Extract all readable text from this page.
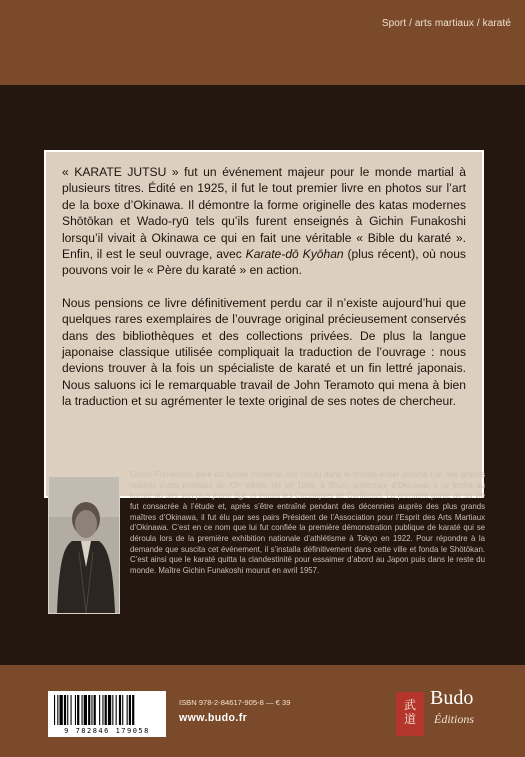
Sport / arts martiaux / karaté

« KARATE JUTSU » fut un événement majeur pour le monde martial à plusieurs titres. Édité en 1925, il fut le tout premier livre en photos sur l’art de la boxe d’Okinawa. Il démontre la forme originelle des katas modernes Shōtōkan et Wado-ryū tels qu’ils furent enseignés à Gichin Funakoshi lorsqu’il vivait à Okinawa ce qui en fait une véritable « Bible du karaté ». Enfin, il est le seul ouvrage, avec Karate-dō Kyōhan (plus récent), où nous pouvons voir le « Père du karaté » en action.

Nous pensions ce livre définitivement perdu car il n’existe aujourd’hui que quelques rares exemplaires de l’ouvrage original précieusement conservés dans des bibliothèques et des collections privées. De plus la langue japonaise classique utilisée compliquait la traduction de l’ouvrage : nous devions trouver à la fois un spécialiste de karaté et un fin lettré japonais. Nous saluons ici le remarquable travail de John Teramoto qui mena à bien la traduction et su agrémenter le texte original de ses notes de chercheur.

Gichin Funakoshi, père du karaté moderne, est connu dans le monde entier comme l’un des grands maîtres d’arts martiaux du XXᵉ siècle. Né en 1868, à Shuri, préfecture d’Okinawa, il se forma au karate-dō dès son plus jeune âge et étudia les Classiques de Confucius. La première partie de sa vie fut consacrée à l’étude et, après s’être entraîné pendant des décennies auprès des plus grands maîtres d’Okinawa, il fut élu par ses pairs Président de l’Association pour l’Esprit des Arts Martiaux d’Okinawa. C’est en ce nom que lui fut confiée la première démonstration publique de karaté qui se déroula lors de la première exhibition nationale d’athlétisme à Tokyo en 1922. Pour répondre à la demande que suscita cet événement, il s’installa définitivement dans cette ville et fonda le Shōtōkan. C’est ainsi que le karaté quitta la clandestinité pour essaimer d’abord au Japon puis dans le reste du monde. Maître Gichin Funakoshi mourut en avril 1957.
9 782846 179058
ISBN 978-2-84617-905-8 — € 39
www.budo.fr
武
道
Budo
Éditions
